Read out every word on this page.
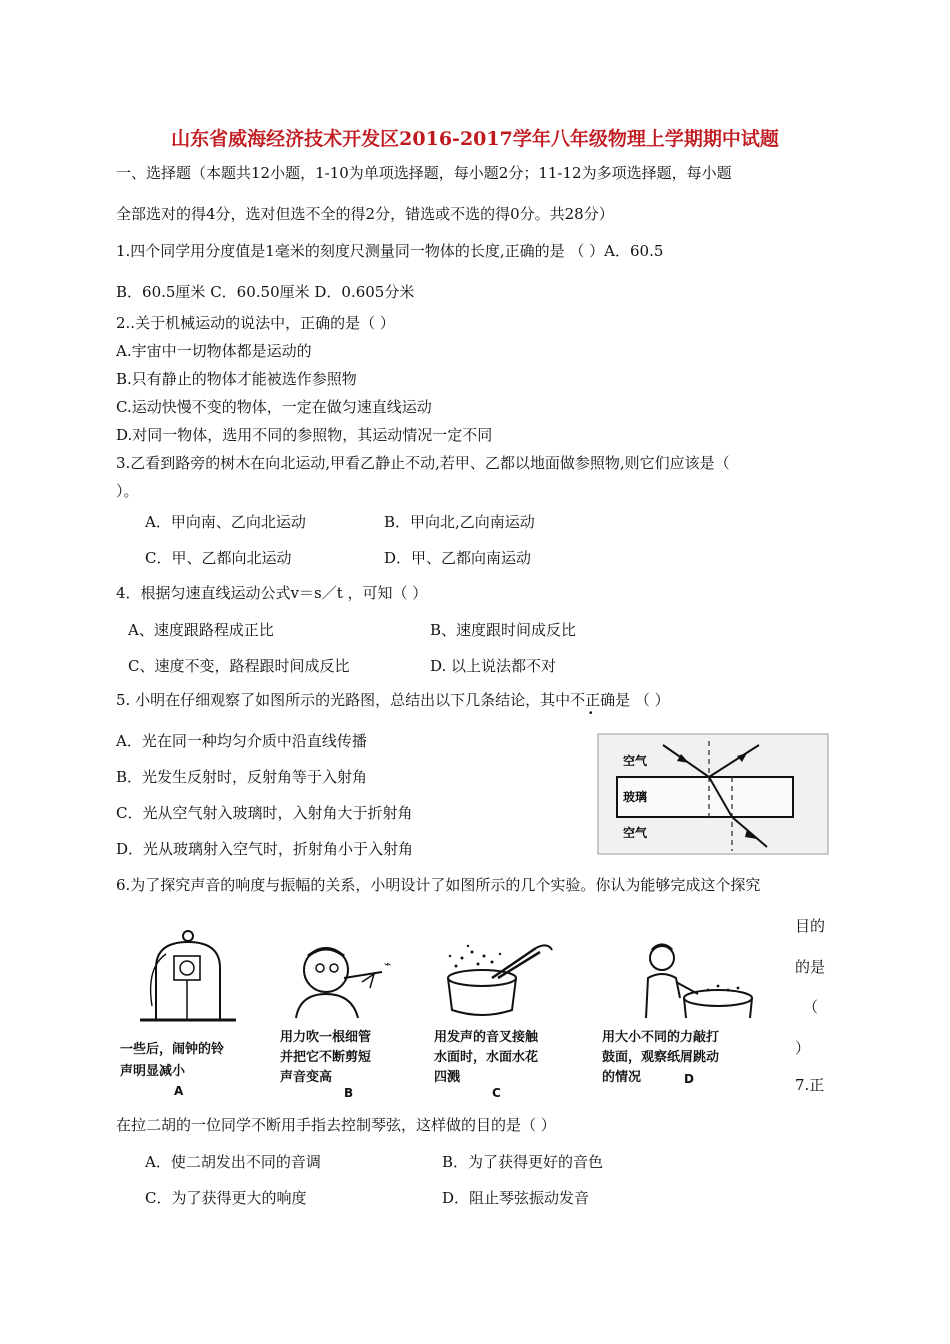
山东省威海经济技术开发区2016-2017学年八年级物理上学期期中试题
一、选择题（本题共12小题，1-10为单项选择题，每小题2分；11-12为多项选择题，每小题
全部选对的得4分，选对但选不全的得2分，错选或不选的得0分。共28分）
1.四个同学用分度值是1毫米的刻度尺测量同一物体的长度,正确的是 （ ）A．60.5
B．60.5厘米 C．60.50厘米 D．0.605分米
2..关于机械运动的说法中，正确的是（ ）
A.宇宙中一切物体都是运动的
B.只有静止的物体才能被选作参照物
C.运动快慢不变的物体，一定在做匀速直线运动
D.对同一物体，选用不同的参照物，其运动情况一定不同
3.乙看到路旁的树木在向北运动,甲看乙静止不动,若甲、乙都以地面做参照物,则它们应该是（
）。
A．甲向南、乙向北运动	B．甲向北,乙向南运动
C．甲、乙都向北运动	D．甲、乙都向南运动
4．根据匀速直线运动公式v＝s／t ，可知（ ）
A、速度跟路程成正比	B、速度跟时间成反比
C、速度不变，路程跟时间成反比	D. 以上说法都不对
5. 小明在仔细观察了如图所示的光路图，总结出以下几条结论，其中不正确是 （ ）
A．光在同一种均匀介质中沿直线传播
B．光发生反射时，反射角等于入射角
C．光从空气射入玻璃时，入射角大于折射角
D．光从玻璃射入空气时，折射角小于入射角
空气
玻璃
空气
6.为了探究声音的响度与振幅的关系，小明设计了如图所示的几个实验。你认为能够完成这个探究
目的
的是
（
）
7.正
一些后，闹钟的铃
声明显减小
A
⌁
用力吹一根细管
并把它不断剪短
声音变高
B
用发声的音叉接触
水面时，水面水花
四溅
C
用大小不同的力敲打
鼓面，观察纸屑跳动
的情况	D
在拉二胡的一位同学不断用手指去控制琴弦，这样做的目的是（ ）
A．使二胡发出不同的音调	B．为了获得更好的音色
C．为了获得更大的响度	D．阻止琴弦振动发音
